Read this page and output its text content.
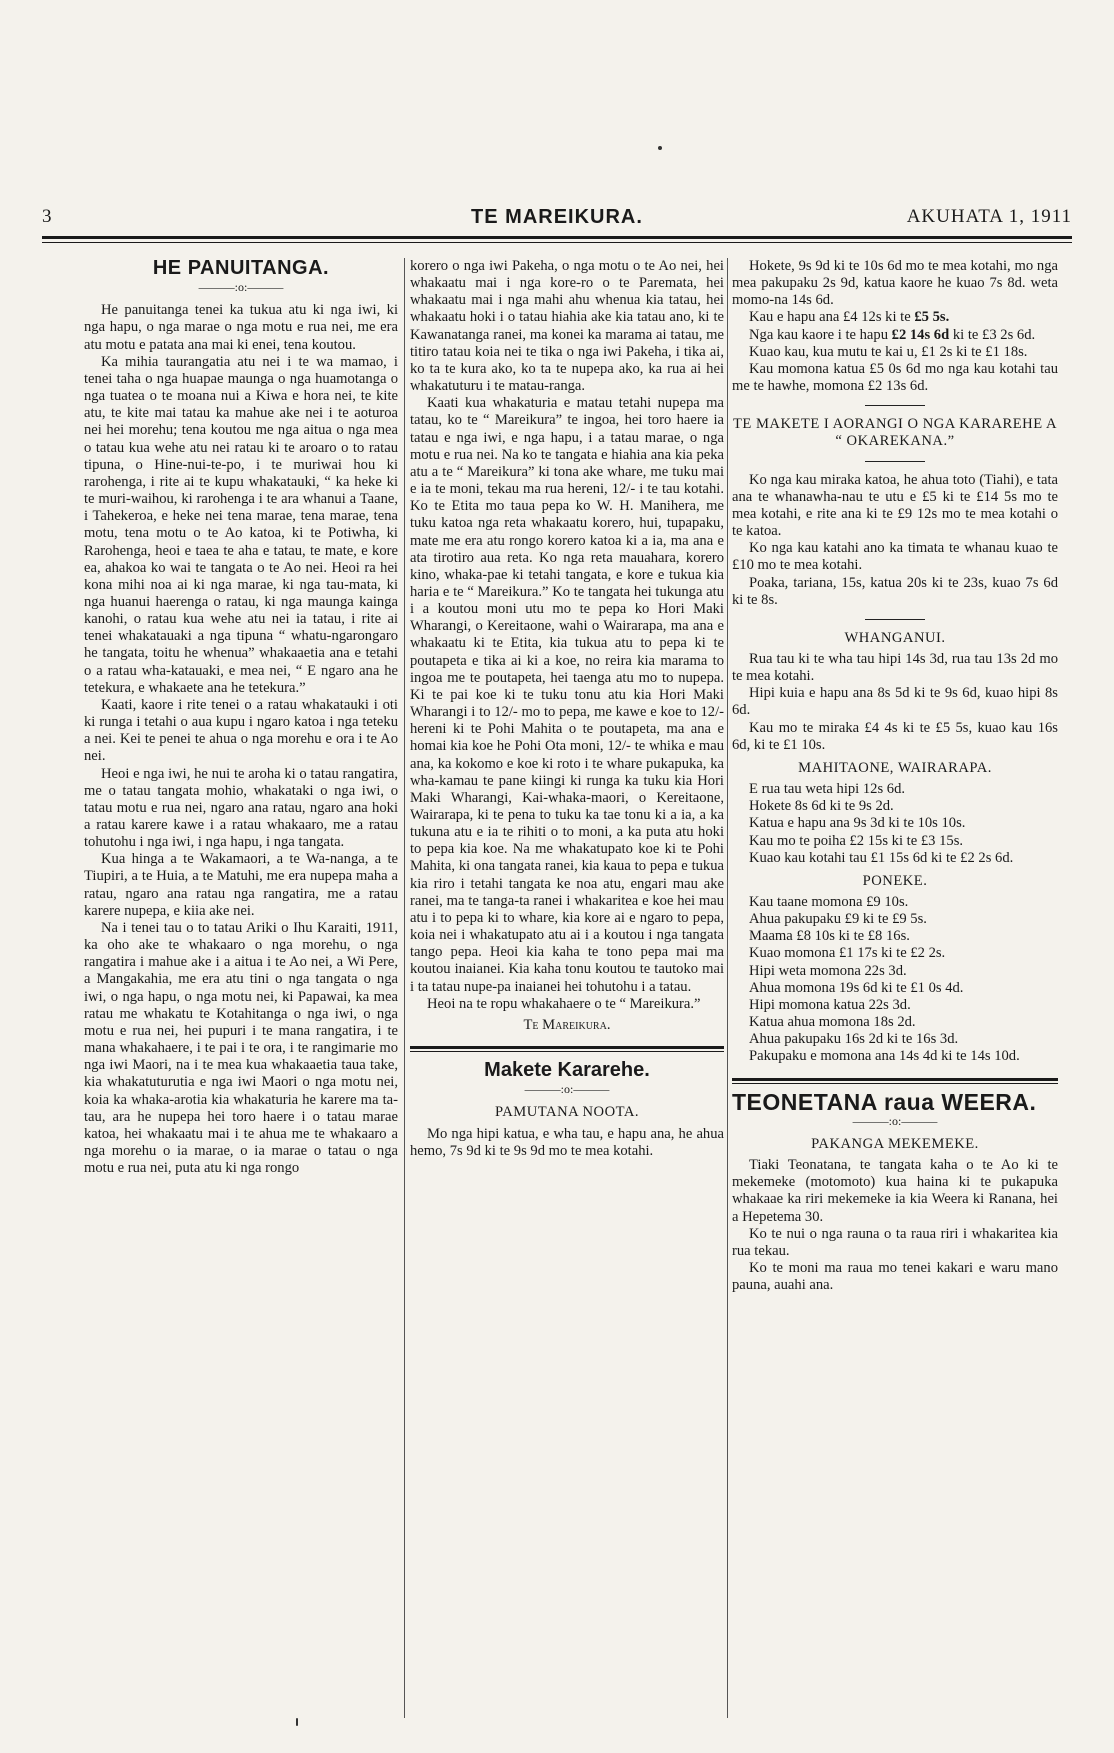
3	TE MAREIKURA.	AKUHATA 1, 1911
HE PANUITANGA.
———:o:———

He panuitanga tenei ka tukua atu ki nga iwi, ki nga hapu, o nga marae o nga motu e rua nei, me era atu motu e patata ana mai ki enei, tena koutou.

Ka mihia taurangatia atu nei i te wa mamao, i tenei taha o nga huapae maunga o nga huamotanga o nga tuatea o te moana nui a Kiwa e hora nei, te kite atu, te kite mai tatau ka mahue ake nei i te aoturoa nei hei morehu; tena koutou me nga aitua o nga mea o tatau kua wehe atu nei ratau ki te aroaro o to ratau tipuna, o Hine-nui-te-po, i te muriwai hou ki rarohenga, i rite ai te kupu whakatauki, “ ka heke ki te muri-waihou, ki rarohenga i te ara whanui a Taane, i Tahekeroa, e heke nei tena marae, tena marae, tena motu, tena motu o te Ao katoa, ki te Potiwha, ki Rarohenga, heoi e taea te aha e tatau, te mate, e kore ea, ahakoa ko wai te tangata o te Ao nei. Heoi ra hei kona mihi noa ai ki nga marae, ki nga tau-mata, ki nga huanui haerenga o ratau, ki nga maunga kainga kanohi, o ratau kua wehe atu nei ia tatau, i rite ai tenei whakatauaki a nga tipuna “ whatu-ngarongaro he tangata, toitu he whenua” whakaaetia ana e tetahi o a ratau wha-katauaki, e mea nei, “ E ngaro ana he tetekura, e whakaete ana he tetekura.”

Kaati, kaore i rite tenei o a ratau whakatauki i oti ki runga i tetahi o aua kupu i ngaro katoa i nga teteku a nei. Kei te penei te ahua o nga morehu e ora i te Ao nei.

Heoi e nga iwi, he nui te aroha ki o tatau rangatira, me o tatau tangata mohio, whakataki o nga iwi, o tatau motu e rua nei, ngaro ana ratau, ngaro ana hoki a ratau karere kawe i a ratau whakaaro, me a ratau tohutohu i nga iwi, i nga hapu, i nga tangata.

Kua hinga a te Wakamaori, a te Wa-nanga, a te Tiupiri, a te Huia, a te Matuhi, me era nupepa maha a ratau, ngaro ana ratau nga rangatira, me a ratau karere nupepa, e kiia ake nei.

Na i tenei tau o to tatau Ariki o Ihu Karaiti, 1911, ka oho ake te whakaaro o nga morehu, o nga rangatira i mahue ake i a aitua i te Ao nei, a Wi Pere, a Mangakahia, me era atu tini o nga tangata o nga iwi, o nga hapu, o nga motu nei, ki Papawai, ka mea ratau me whakatu te Kotahitanga o nga iwi, o nga motu e rua nei, hei pupuri i te mana rangatira, i te mana whakahaere, i te pai i te ora, i te rangimarie mo nga iwi Maori, na i te mea kua whakaaetia taua take, kia whakatuturutia e nga iwi Maori o nga motu nei, koia ka whaka-arotia kia whakaturia he karere ma ta-tau, ara he nupepa hei toro haere i o tatau marae katoa, hei whakaatu mai i te ahua me te whakaaro a nga morehu o ia marae, o ia marae o tatau o nga motu e rua nei, puta atu ki nga rongo

korero o nga iwi Pakeha, o nga motu o te Ao nei, hei whakaatu mai i nga kore-ro o te Paremata, hei whakaatu mai i nga mahi ahu whenua kia tatau, hei whakaatu hoki i o tatau hiahia ake kia tatau ano, ki te Kawanatanga ranei, ma konei ka marama ai tatau, me titiro tatau koia nei te tika o nga iwi Pakeha, i tika ai, ko ta te kura ako, ko ta te nupepa ako, ka rua ai hei whakatuturu i te matau-ranga.

Kaati kua whakaturia e matau tetahi nupepa ma tatau, ko te “ Mareikura” te ingoa, hei toro haere ia tatau e nga iwi, e nga hapu, i a tatau marae, o nga motu e rua nei. Na ko te tangata e hiahia ana kia peka atu a te “ Mareikura” ki tona ake whare, me tuku mai e ia te moni, tekau ma rua hereni, 12/- i te tau kotahi. Ko te Etita mo taua pepa ko W. H. Manihera, me tuku katoa nga reta whakaatu korero, hui, tupapaku, mate me era atu rongo korero katoa ki a ia, ma ana e ata tirotiro aua reta. Ko nga reta mauahara, korero kino, whaka-pae ki tetahi tangata, e kore e tukua kia haria e te “ Mareikura.” Ko te tangata hei tukunga atu i a koutou moni utu mo te pepa ko Hori Maki Wharangi, o Kereitaone, wahi o Wairarapa, ma ana e whakaatu ki te Etita, kia tukua atu to pepa ki te poutapeta e tika ai ki a koe, no reira kia marama to ingoa me te poutapeta, hei taenga atu mo to nupepa. Ki te pai koe ki te tuku tonu atu kia Hori Maki Wharangi i to 12/- mo to pepa, me kawe e koe to 12/- hereni ki te Pohi Mahita o te poutapeta, ma ana e homai kia koe he Pohi Ota moni, 12/- te whika e mau ana, ka kokomo e koe ki roto i te whare pukapuka, ka wha-kamau te pane kiingi ki runga ka tuku kia Hori Maki Wharangi, Kai-whaka-maori, o Kereitaone, Wairarapa, ki te pena to tuku ka tae tonu ki a ia, a ka tukuna atu e ia te rihiti o to moni, a ka puta atu hoki to pepa kia koe. Na me whakatupato koe ki te Pohi Mahita, ki ona tangata ranei, kia kaua to pepa e tukua kia riro i tetahi tangata ke noa atu, engari mau ake ranei, ma te tanga-ta ranei i whakaritea e koe hei mau atu i to pepa ki to whare, kia kore ai e ngaro to pepa, koia nei i whakatupato atu ai i a koutou i nga tangata tango pepa. Heoi kia kaha te tono pepa mai ma koutou inaianei. Kia kaha tonu koutou te tautoko mai i ta tatau nupe-pa inaianei hei tohutohu i a tatau.

Heoi na te ropu whakahaere o te “ Mareikura.”

Te Mareikura.
Makete Kararehe.
———:o:———
PAMUTANA NOOTA.

Mo nga hipi katua, e wha tau, e hapu ana, he ahua hemo, 7s 9d ki te 9s 9d mo te mea kotahi.

Hokete, 9s 9d ki te 10s 6d mo te mea kotahi, mo nga mea pakupaku 2s 9d, katua kaore he kuao 7s 8d. weta momo-na 14s 6d.

Kau e hapu ana £4 12s ki te £5 5s.

Nga kau kaore i te hapu £2 14s 6d ki te £3 2s 6d.

Kuao kau, kua mutu te kai u, £1 2s ki te £1 18s.

Kau momona katua £5 0s 6d mo nga kau kotahi tau me te hawhe, momona £2 13s 6d.

TE MAKETE I AORANGI O NGA KARAREHE A “ OKAREKANA.”

Ko nga kau miraka katoa, he ahua toto (Tiahi), e tata ana te whanawha-nau te utu e £5 ki te £14 5s mo te mea kotahi, e rite ana ki te £9 12s mo te mea kotahi o te katoa.

Ko nga kau katahi ano ka timata te whanau kuao te £10 mo te mea kotahi.

Poaka, tariana, 15s, katua 20s ki te 23s, kuao 7s 6d ki te 8s.

WHANGANUI.

Rua tau ki te wha tau hipi 14s 3d, rua tau 13s 2d mo te mea kotahi.

Hipi kuia e hapu ana 8s 5d ki te 9s 6d, kuao hipi 8s 6d.

Kau mo te miraka £4 4s ki te £5 5s, kuao kau 16s 6d, ki te £1 10s.

MAHITAONE, WAIRARAPA.

E rua tau weta hipi 12s 6d.

Hokete 8s 6d ki te 9s 2d.

Katua e hapu ana 9s 3d ki te 10s 10s.

Kau mo te poiha £2 15s ki te £3 15s.

Kuao kau kotahi tau £1 15s 6d ki te £2 2s 6d.

PONEKE.

Kau taane momona £9 10s.

Ahua pakupaku £9 ki te £9 5s.

Maama £8 10s ki te £8 16s.

Kuao momona £1 17s ki te £2 2s.

Hipi weta momona 22s 3d.

Ahua momona 19s 6d ki te £1 0s 4d.

Hipi momona katua 22s 3d.

Katua ahua momona 18s 2d.

Ahua pakupaku 16s 2d ki te 16s 3d.

Pakupaku e momona ana 14s 4d ki te 14s 10d.

TEONETANA raua WEERA.
———:o:———
PAKANGA MEKEMEKE.

Tiaki Teonatana, te tangata kaha o te Ao ki te mekemeke (motomoto) kua haina ki te pukapuka whakaae ka riri mekemeke ia kia Weera ki Ranana, hei a Hepetema 30.

Ko te nui o nga rauna o ta raua riri i whakaritea kia rua tekau.

Ko te moni ma raua mo tenei kakari e waru mano pauna, auahi ana.
